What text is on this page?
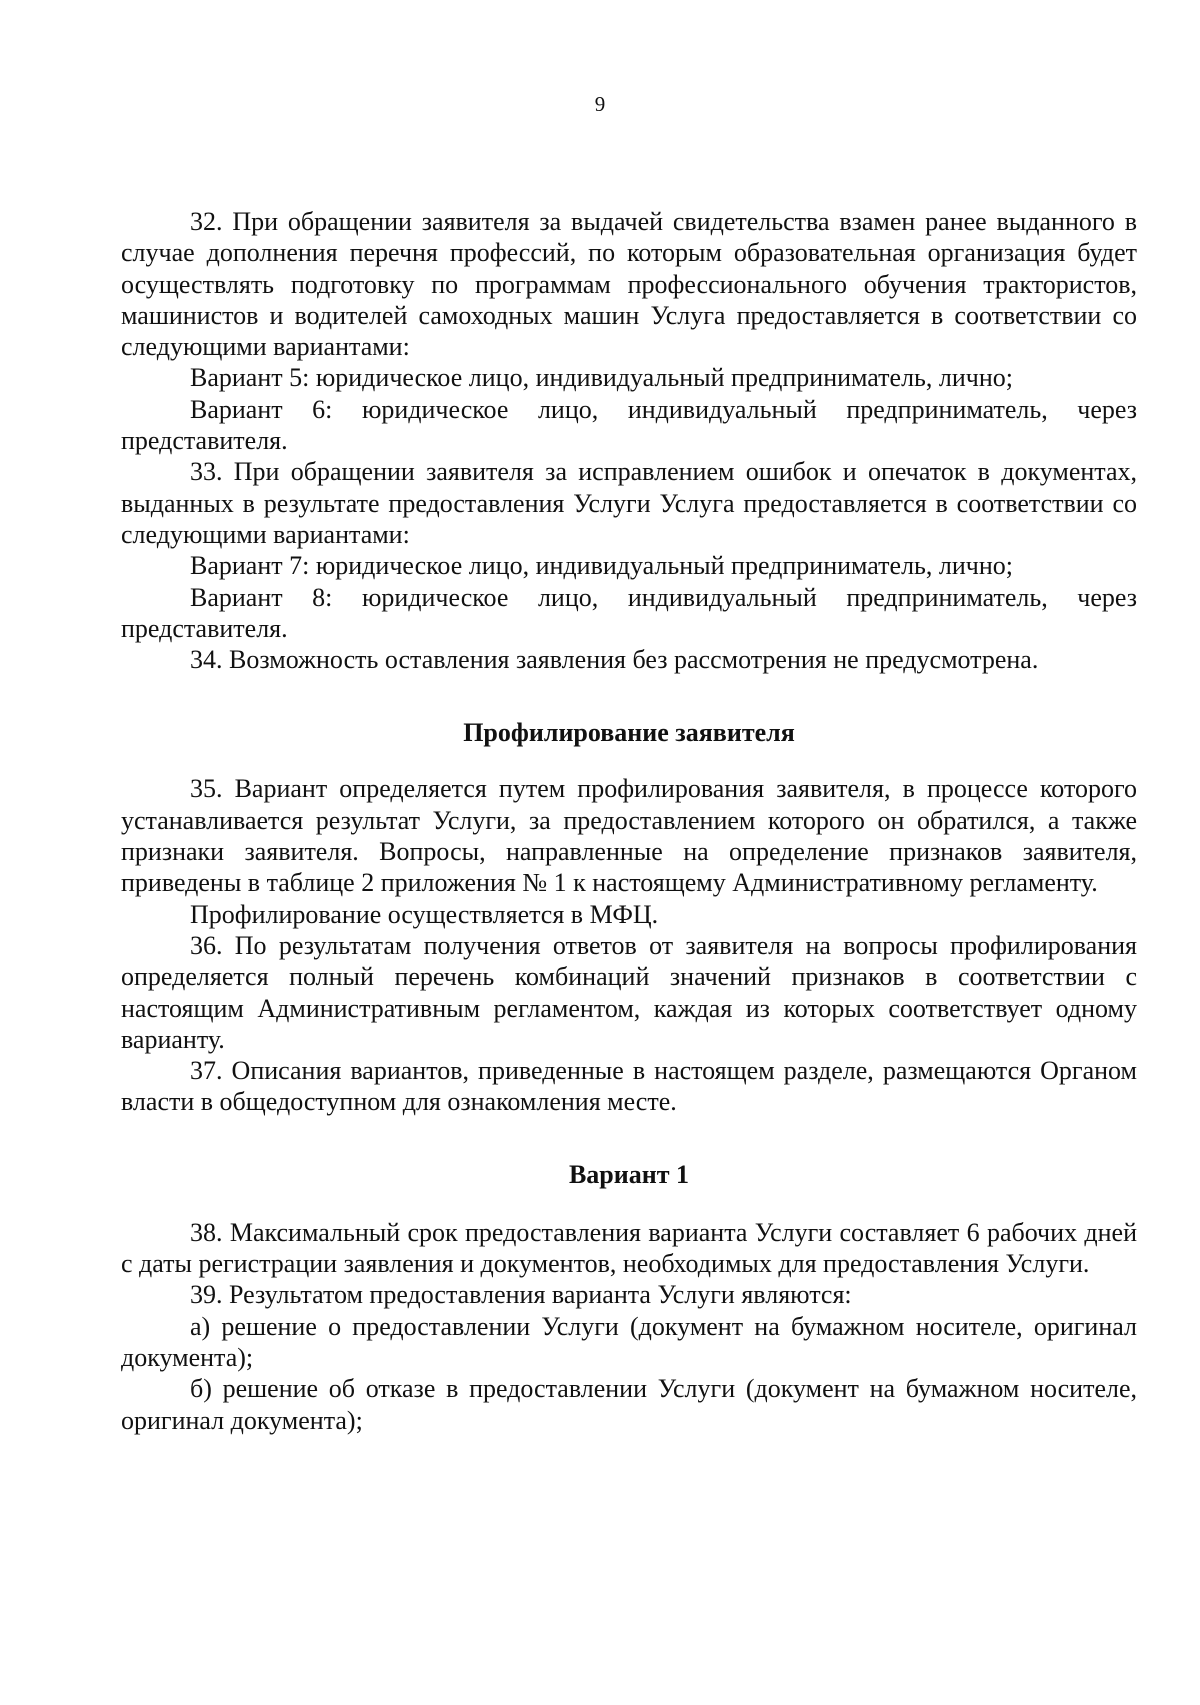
9

32. При обращении заявителя за выдачей свидетельства взамен ранее выданного в случае дополнения перечня профессий, по которым образовательная организация будет осуществлять подготовку по программам профессионального обучения трактористов, машинистов и водителей самоходных машин Услуга предоставляется в соответствии со следующими вариантами:

Вариант 5: юридическое лицо, индивидуальный предприниматель, лично;

Вариант 6: юридическое лицо, индивидуальный предприниматель, через представителя.

33. При обращении заявителя за исправлением ошибок и опечаток в документах, выданных в результате предоставления Услуги Услуга предоставляется в соответствии со следующими вариантами:

Вариант 7: юридическое лицо, индивидуальный предприниматель, лично;

Вариант 8: юридическое лицо, индивидуальный предприниматель, через представителя.

34. Возможность оставления заявления без рассмотрения не предусмотрена.

Профилирование заявителя

35. Вариант определяется путем профилирования заявителя, в процессе которого устанавливается результат Услуги, за предоставлением которого он обратился, а также признаки заявителя. Вопросы, направленные на определение признаков заявителя, приведены в таблице 2 приложения № 1 к настоящему Административному регламенту.

Профилирование осуществляется в МФЦ.

36. По результатам получения ответов от заявителя на вопросы профилирования определяется полный перечень комбинаций значений признаков в соответствии с настоящим Административным регламентом, каждая из которых соответствует одному варианту.

37. Описания вариантов, приведенные в настоящем разделе, размещаются Органом власти в общедоступном для ознакомления месте.

Вариант 1

38. Максимальный срок предоставления варианта Услуги составляет 6 рабочих дней с даты регистрации заявления и документов, необходимых для предоставления Услуги.

39. Результатом предоставления варианта Услуги являются:

а) решение о предоставлении Услуги (документ на бумажном носителе, оригинал документа);

б) решение об отказе в предоставлении Услуги (документ на бумажном носителе, оригинал документа);
